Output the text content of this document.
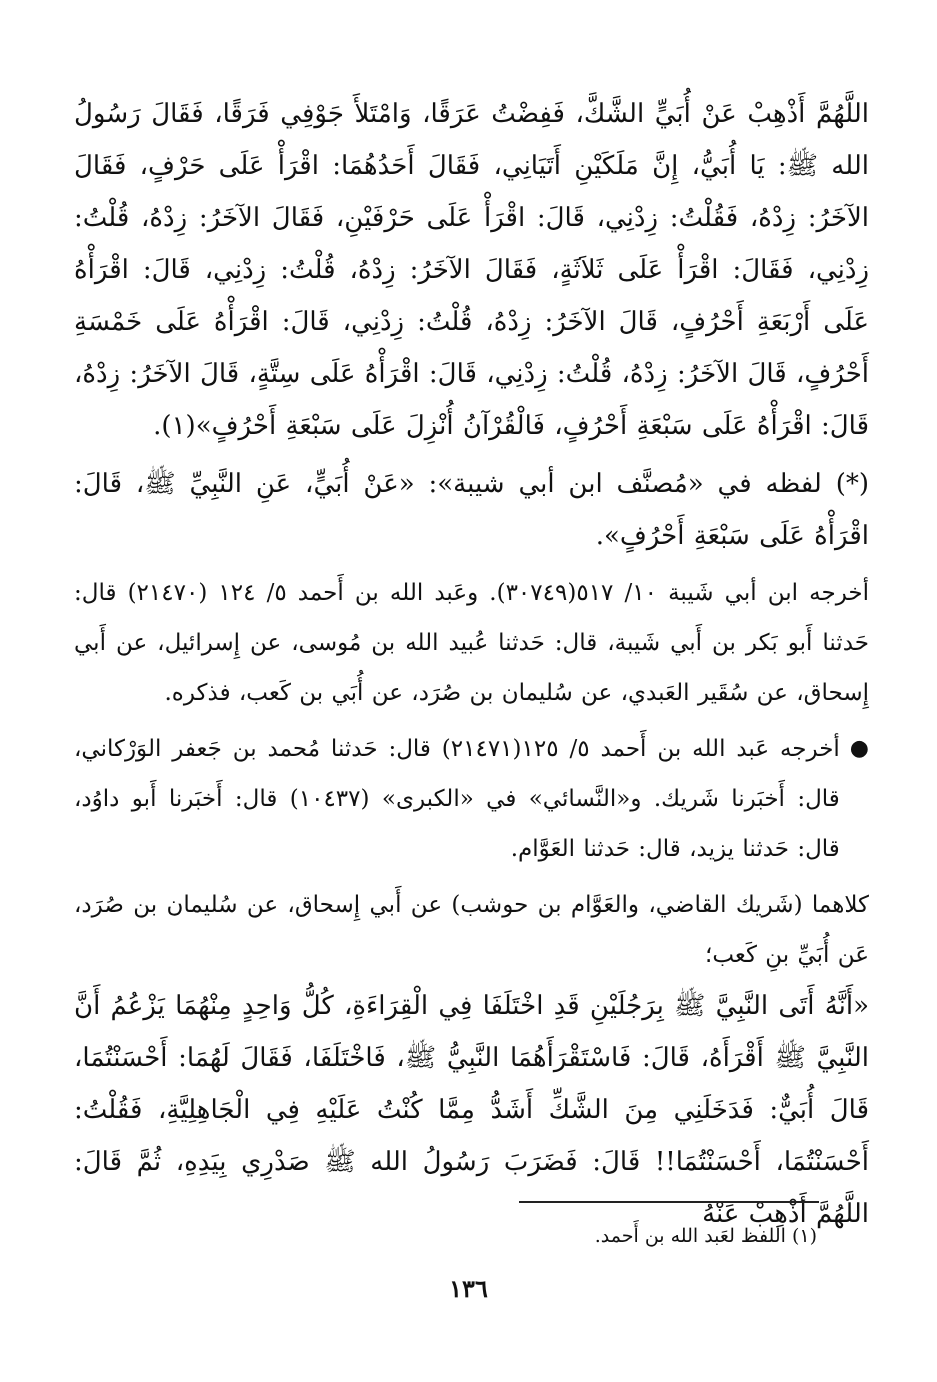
اللَّهُمَّ أَذْهِبْ عَنْ أُبَيٍّ الشَّكَّ، فَفِضْتُ عَرَقًا، وَامْتَلأَ جَوْفِي فَرَقًا، فَقَالَ رَسُولُ الله ﷺ: يَا أُبَيُّ، إِنَّ مَلَكَيْنِ أَتَيَانِي، فَقَالَ أَحَدُهُمَا: اقْرَأْ عَلَى حَرْفٍ، فَقَالَ الآخَرُ: زِدْهُ، فَقُلْتُ: زِدْنِي، قَالَ: اقْرَأْ عَلَى حَرْفَيْنِ، فَقَالَ الآخَرُ: زِدْهُ، قُلْتُ: زِدْنِي، فَقَالَ: اقْرَأْ عَلَى ثَلاَثَةٍ، فَقَالَ الآخَرُ: زِدْهُ، قُلْتُ: زِدْنِي، قَالَ: اقْرَأْهُ عَلَى أَرْبَعَةِ أَحْرُفٍ، قَالَ الآخَرُ: زِدْهُ، قُلْتُ: زِدْنِي، قَالَ: اقْرَأْهُ عَلَى خَمْسَةِ أَحْرُفٍ، قَالَ الآخَرُ: زِدْهُ، قُلْتُ: زِدْنِي، قَالَ: اقْرَأْهُ عَلَى سِتَّةٍ، قَالَ الآخَرُ: زِدْهُ، قَالَ: اقْرَأْهُ عَلَى سَبْعَةِ أَحْرُفٍ، فَالْقُرْآنُ أُنْزِلَ عَلَى سَبْعَةِ أَحْرُفٍ»(١).

(*) لفظه في «مُصنَّف ابن أبي شيبة»: «عَنْ أُبَيٍّ، عَنِ النَّبِيِّ ﷺ، قَالَ: اقْرَأْهُ عَلَى سَبْعَةِ أَحْرُفٍ».

أخرجه ابن أبي شَيبة ١٠/ ٥١٧(٣٠٧٤٩). وعَبد الله بن أَحمد ٥/ ١٢٤ (٢١٤٧٠) قال: حَدثنا أَبو بَكر بن أَبي شَيبة، قال: حَدثنا عُبيد الله بن مُوسى، عن إِسرائيل، عن أَبي إِسحاق، عن سُقَير العَبدي، عن سُليمان بن صُرَد، عن أُبَي بن كَعب، فذكره.

●

أخرجه عَبد الله بن أَحمد ٥/ ١٢٥(٢١٤٧١) قال: حَدثنا مُحمد بن جَعفر الوَرْكاني، قال: أَخبَرنا شَريك. و«النَّسائي» في «الكبرى» (١٠٤٣٧) قال: أَخبَرنا أَبو داوُد، قال: حَدثنا يزيد، قال: حَدثنا العَوَّام.

كلاهما (شَريك القاضي، والعَوَّام بن حوشب) عن أَبي إِسحاق، عن سُليمان بن صُرَد، عَن أُبَيِّ بنِ كَعب؛

«أَنَّهُ أَتَى النَّبِيَّ ﷺ بِرَجُلَيْنِ قَدِ اخْتَلَفَا فِي الْقِرَاءَةِ، كُلُّ وَاحِدٍ مِنْهُمَا يَزْعُمُ أَنَّ النَّبِيَّ ﷺ أَقْرَأَهُ، قَالَ: فَاسْتَقْرَأَهُمَا النَّبِيُّ ﷺ، فَاخْتَلَفَا، فَقَالَ لَهُمَا: أَحْسَنْتُمَا، قَالَ أُبَيٌّ: فَدَخَلَنِي مِنَ الشَّكِّ أَشَدُّ مِمَّا كُنْتُ عَلَيْهِ فِي الْجَاهِلِيَّةِ، فَقُلْتُ: أَحْسَنْتُمَا، أَحْسَنْتُمَا!! قَالَ: فَضَرَبَ رَسُولُ الله ﷺ صَدْرِي بِيَدِهِ، ثُمَّ قَالَ: اللَّهُمَّ أَذْهِبْ عَنْهُ

(١) اللفظ لعَبد الله بن أَحمد.
١٣٦
